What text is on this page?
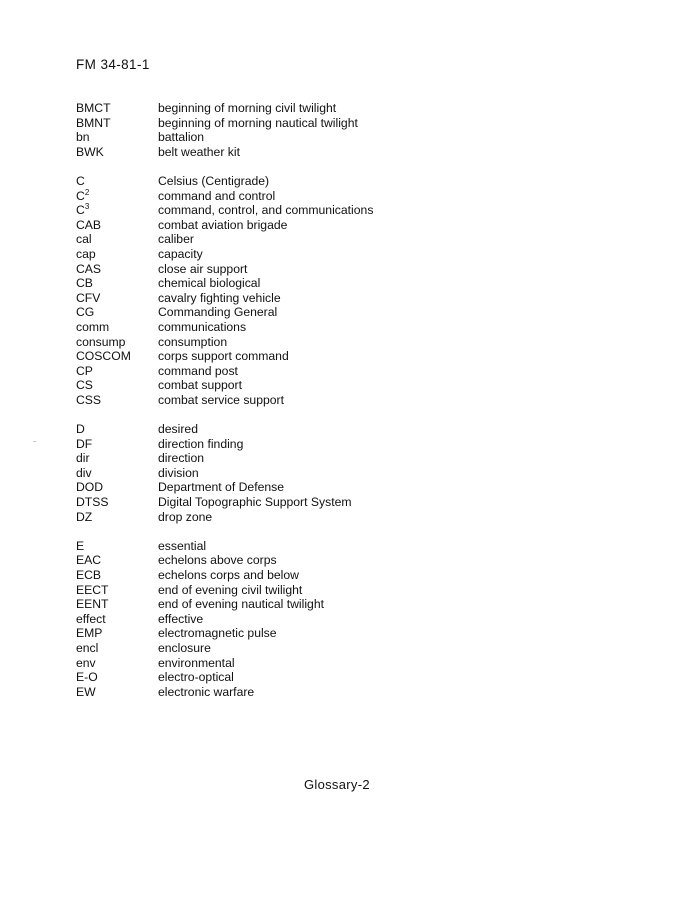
FM 34-81-1
BMCT	beginning of morning civil twilight
BMNT	beginning of morning nautical twilight
bn	battalion
BWK	belt weather kit
C	Celsius (Centigrade)
$C^2$	command and control
$C^3$	command, control, and communications
CAB	combat aviation brigade
cal	caliber
cap	capacity
CAS	close air support
CB	chemical biological
CFV	cavalry fighting vehicle
CG	Commanding General
comm	communications
consump	consumption
COSCOM corps support command
CP	command post
CS	combat support
CSS	combat service support
D	desired
DF	direction finding
dir	direction
div	division
DOD	Department of Defense
DTSS	Digital Topographic Support System
DZ	drop zone
E	essential
EAC	echelons above corps
ECB	echelons corps and below
EECT	end of evening civil twilight
EENT	end of evening nautical twilight
effect	effective
EMP	electromagnetic pulse
encl	enclosure
env	environmental
E-O	electro-optical
EW	electronic warfare
Glossary-2
